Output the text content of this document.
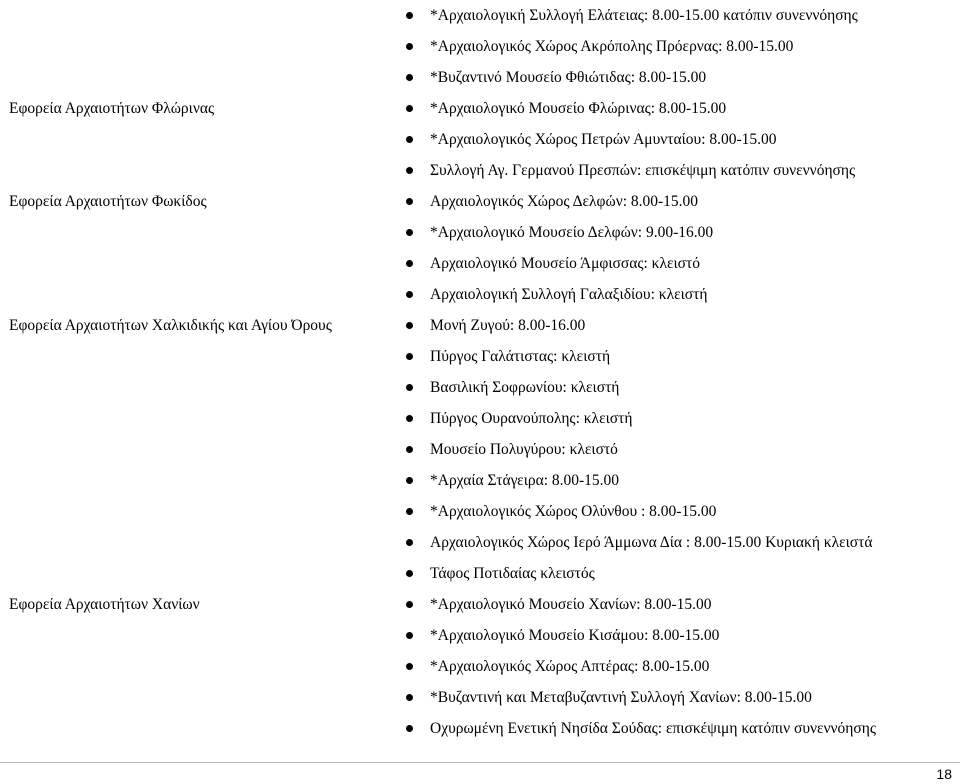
*Αρχαιολογική Συλλογή Ελάτειας: 8.00-15.00 κατόπιν συνεννόησης
*Αρχαιολογικός Χώρος Ακρόπολης Πρόερνας: 8.00-15.00
*Βυζαντινό Μουσείο Φθιώτιδας: 8.00-15.00
Εφορεία Αρχαιοτήτων Φλώρινας	*Αρχαιολογικό Μουσείο Φλώρινας: 8.00-15.00
*Αρχαιολογικός Χώρος Πετρών Αμυνταίου: 8.00-15.00
Συλλογή Αγ. Γερμανού Πρεσπών: επισκέψιμη κατόπιν συνεννόησης
Εφορεία Αρχαιοτήτων Φωκίδος	Αρχαιολογικός Χώρος Δελφών: 8.00-15.00
*Αρχαιολογικό Μουσείο Δελφών: 9.00-16.00
Αρχαιολογικό Μουσείο Άμφισσας: κλειστό
Αρχαιολογική Συλλογή Γαλαξιδίου: κλειστή
Εφορεία Αρχαιοτήτων Χαλκιδικής και Αγίου Όρους	Μονή Ζυγού: 8.00-16.00
Πύργος Γαλάτιστας: κλειστή
Βασιλική Σοφρωνίου: κλειστή
Πύργος Ουρανούπολης: κλειστή
Μουσείο Πολυγύρου: κλειστό
*Αρχαία Στάγειρα: 8.00-15.00
*Αρχαιολογικός Χώρος Ολύνθου : 8.00-15.00
Αρχαιολογικός Χώρος Ιερό Άμμωνα Δία : 8.00-15.00 Κυριακή κλειστά
Τάφος Ποτιδαίας κλειστός
Εφορεία Αρχαιοτήτων Χανίων	*Αρχαιολογικό Μουσείο Χανίων: 8.00-15.00
*Αρχαιολογικό Μουσείο Κισάμου: 8.00-15.00
*Αρχαιολογικός Χώρος Απτέρας: 8.00-15.00
*Βυζαντινή και Μεταβυζαντινή Συλλογή Χανίων: 8.00-15.00
Οχυρωμένη Ενετική Νησίδα Σούδας: επισκέψιμη κατόπιν συνεννόησης
18
